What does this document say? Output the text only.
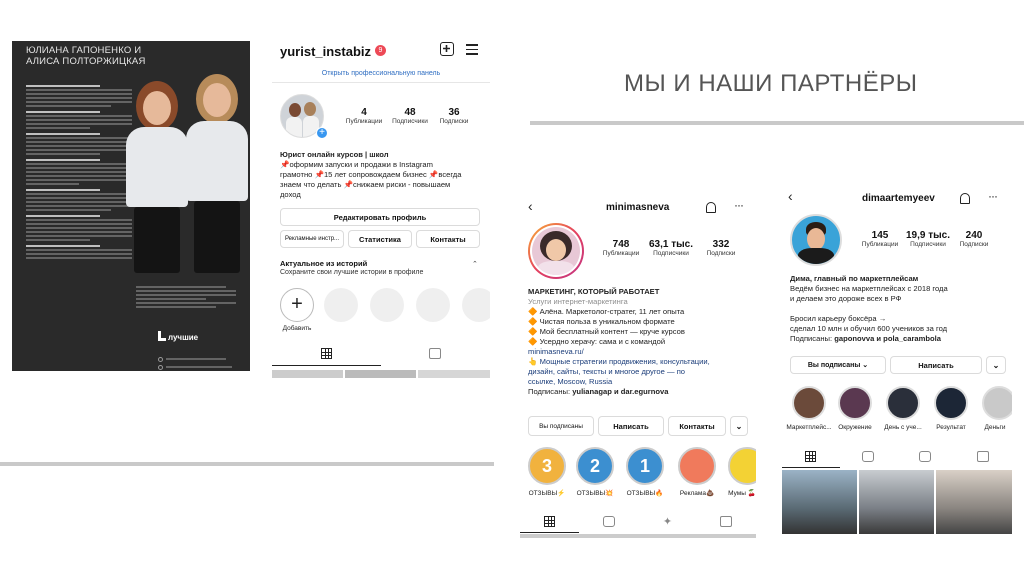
МЫ И НАШИ ПАРТНЁРЫ
ЮЛИАНА ГАПОНЕНКО И
АЛИСА ПОЛТОРЖИЦКАЯ
лучшие
yurist_instabiz	9
Открыть профессиональную панель
+
4
Публикации
48
Подписчики
36
Подписки
Юрист онлайн курсов | школ
📌оформим запуски и продажи в Instagram
грамотно 📌15 лет сопровождаем бизнес 📌всегда
знаем что делать 📌снижаем риски - повышаем
доход
Редактировать профиль
Рекламные инстр...	Статистика	Контакты
Актуальное из историй	⌃
Сохраните свои лучшие истории в профиле
+
Добавить
‹	minimasneva	···
748
Публикации
63,1 тыс.
Подписчики
332
Подписки
МАРКЕТИНГ, КОТОРЫЙ РАБОТАЕТ
Услуги интернет-маркетинга
🔶 Алёна. Маркетолог-стратег, 11 лет опыта
🔶 Чистая польза в уникальном формате
🔶 Мой бесплатный контент — круче курсов
🔶 Усердно херачу: сама и с командой
minimasneva.ru/
👆 Мощные стратегии продвижения, консультации,
дизайн, сайты, тексты и многое другое — по
ссылке, Moscow, Russia
Подписаны: yulianagap и dar.egurnova
Вы подписаны	Написать	Контакты	⌄
3 2 1
ОТЗЫВЫ⚡	ОТЗЫВЫ💥	ОТЗЫВЫ🔥	Реклама💩	Мумы 🍒
✦
‹	dimaartemyeev	···
145
Публикации
19,9 тыс.
Подписчики
240
Подписки
Дима, главный по маркетплейсам
Ведём бизнес на маркетплейсах с 2018 года
и делаем это дороже всех в РФ
Бросил карьеру боксёра →
сделал 10 млн и обучил 600 учеников за год
Подписаны: gaponovva и pola_carambola
Вы подписаны ⌄	Написать	⌄
Маркетплейс...	Окружение	День с уче...	Результат	Деньги
